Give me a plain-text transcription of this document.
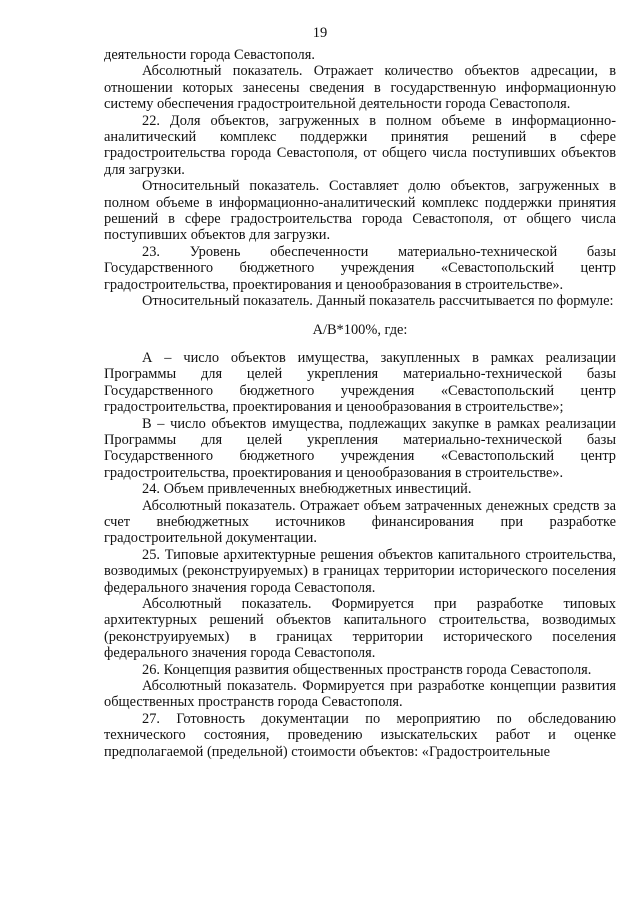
19

деятельности города Севастополя.

Абсолютный показатель. Отражает количество объектов адресации, в отношении которых занесены сведения в государственную информационную систему обеспечения градостроительной деятельности города Севастополя.

22. Доля объектов, загруженных в полном объеме в информационно-аналитический комплекс поддержки принятия решений в сфере градостроительства города Севастополя, от общего числа поступивших объектов для загрузки.

Относительный показатель. Составляет долю объектов, загруженных в полном объеме в информационно-аналитический комплекс поддержки принятия решений в сфере градостроительства города Севастополя, от общего числа поступивших объектов для загрузки.

23. Уровень обеспеченности материально-технической базы Государственного бюджетного учреждения «Севастопольский центр градостроительства, проектирования и ценообразования в строительстве».

Относительный показатель. Данный показатель рассчитывается по формуле:

А/В*100%, где:

А – число объектов имущества, закупленных в рамках реализации Программы для целей укрепления материально-технической базы Государственного бюджетного учреждения «Севастопольский центр градостроительства, проектирования и ценообразования в строительстве»;

В – число объектов имущества, подлежащих закупке в рамках реализации Программы для целей укрепления материально-технической базы Государственного бюджетного учреждения «Севастопольский центр градостроительства, проектирования и ценообразования в строительстве».

24. Объем привлеченных внебюджетных инвестиций.

Абсолютный показатель. Отражает объем затраченных денежных средств за счет внебюджетных источников финансирования при разработке градостроительной документации.

25. Типовые архитектурные решения объектов капитального строительства, возводимых (реконструируемых) в границах территории исторического поселения федерального значения города Севастополя.

Абсолютный показатель. Формируется при разработке типовых архитектурных решений объектов капитального строительства, возводимых (реконструируемых) в границах территории исторического поселения федерального значения города Севастополя.

26. Концепция развития общественных пространств города Севастополя.

Абсолютный показатель. Формируется при разработке концепции развития общественных пространств города Севастополя.

27. Готовность документации по мероприятию по обследованию технического состояния, проведению изыскательских работ и оценке предполагаемой (предельной) стоимости объектов: «Градостроительные
